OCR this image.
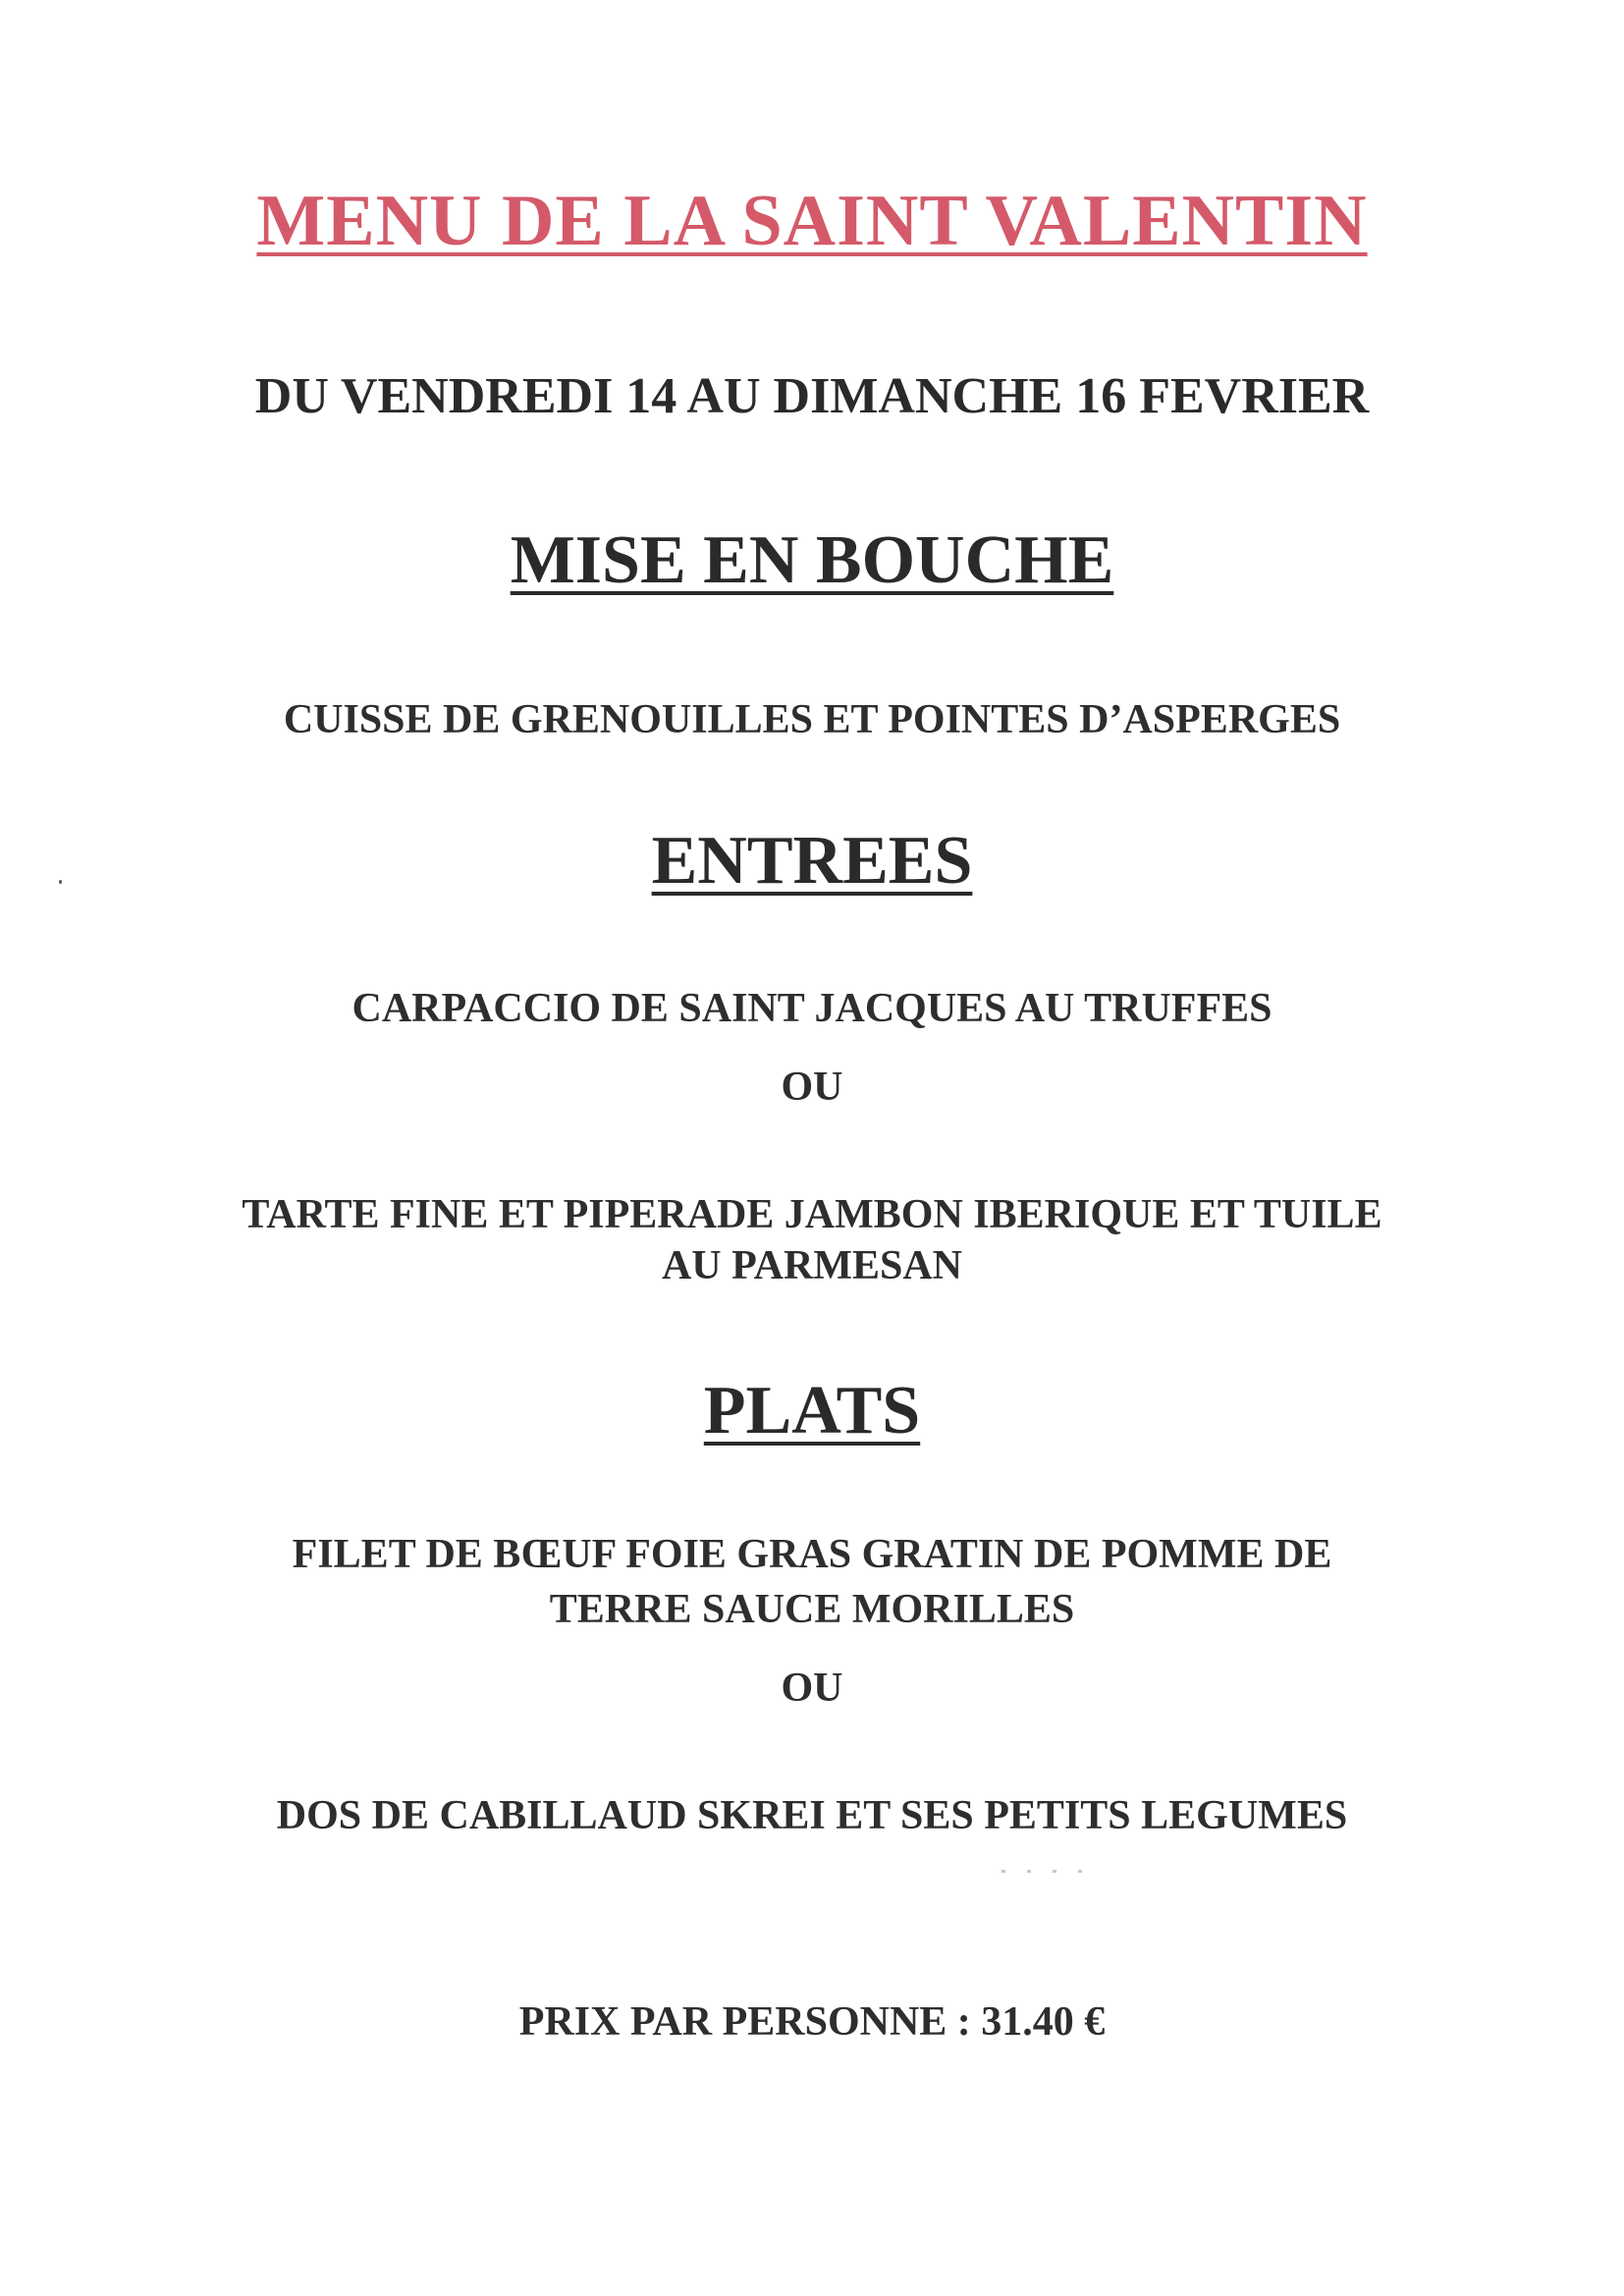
MENU DE LA SAINT VALENTIN
DU VENDREDI 14 AU DIMANCHE 16 FEVRIER
MISE EN BOUCHE
CUISSE DE GRENOUILLES ET POINTES D’ASPERGES
ENTREES
CARPACCIO DE SAINT JACQUES AU TRUFFES
OU
TARTE FINE ET PIPERADE JAMBON IBERIQUE ET TUILE
AU PARMESAN
PLATS
FILET DE BŒUF FOIE GRAS GRATIN DE POMME DE
TERRE SAUCE MORILLES
OU
DOS DE CABILLAUD SKREI ET SES PETITS LEGUMES
PRIX PAR PERSONNE : 31.40 €
